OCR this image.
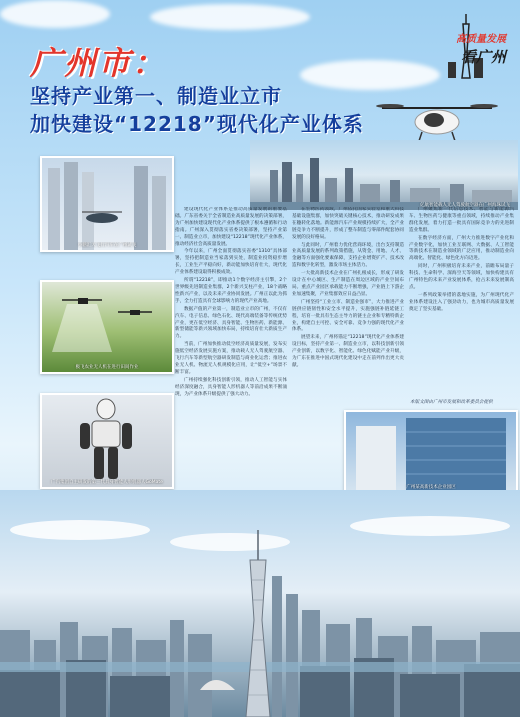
广州市：
坚持产业第一、制造业立市
加快建设“12218”现代化产业体系
高质量发展
看广州
亿航智能载人无人驾驶航空器在广州海珠试飞
小鹏汇天飞行汽车在广州试飞
极飞农业无人机在进行田间作业
广汽集团自主研发的第三代具身智能人形机器人GoMate
广州某高新技术企业园区

建设现代化产业体系是推动高质量发展的重要基础。广东省委关于全省制造业高质量发展的决策部署，为广州加快建设现代化产业体系提供了根本遵循和行动指南。广州深入贯彻落实省委决策部署，坚持产业第一、制造业立市，加快建设“12218”现代化产业体系，推动经济社会高质量发展。

今年以来，广州全面贯彻落实省委“1310”具体部署，坚持把制造业当家落到实处，制造业投资稳步增长，工业生产平稳向好，新动能加快培育壮大，现代化产业体系建设取得积极成效。

所谓“12218”，即推动1个数字经济主引擎，2个世界级先进制造业集群，2个新兴支柱产业，18个战略性新兴产业，以及未来产业协同发展。广州正以此为抓手，全力打造具有全球影响力的现代产业高地。

数据产值的产业第一，制造业立市的广州，不仅有汽车、电子信息、绿色石化、现代高端装备等传统优势产业，更在低空经济、具身智能、生物医药、新能源、新型储能等新兴领域加快布局，持续培育壮大新质生产力。

当前，广州加快推动低空经济高质量发展，发布实施低空经济发展实施方案，推动载人无人驾驶航空器、飞行汽车等新型航空器研发制造与商业化运营；推进农业无人机、物流无人机规模化应用，让“低空+”场景不断丰富。

广州持续强化科技创新引领，推动人工智能与实体经济深度融合，具身智能人形机器人等前沿成果不断涌现，为产业体系升级提供了强大动力。

在生物医药领域，广州依托国家实验室和重大科技基础设施集群，加快突破关键核心技术，推动研发成果在穗转化落地。新能源汽车产业规模持续扩大，全产业链竞争力不断提升，形成了整车制造与零部件配套协同发展的良好格局。

与此同时，广州着力优化营商环境，出台支持制造业高质量发展的系列政策措施，从资金、用地、人才、金融等方面强化要素保障，支持企业增资扩产、技术改造和数字化转型，激发市场主体活力。

一大批高新技术企业在广州扎根成长，形成了研发设计在中心城区、生产制造在周边区域的产业空间布局。重点产业园区承载能力不断增强，产业链上下游企业加速集聚，产业集群效应日益凸显。

广州坚持“工业立市、制造业强市”，大力推进产业链供应链韧性和安全水平提升，实施强链补链延链工程，培育一批具有生态主导力的链主企业和专精特新企业，构建自主可控、安全可靠、竞争力强的现代化产业体系。

展望未来，广州将锚定“12218”现代化产业体系建设目标，坚持产业第一、制造业立市，以科技创新引领产业创新，以数字化、智能化、绿色化赋能产业升级，为广东在推进中国式现代化建设中走在前列作出更大贡献。

广州聚焦新一代信息技术、智能与新能源汽车、生物医药与健康等重点领域，持续推动产业集群化发展，着力打造一批具有国际竞争力的先进制造业集群。

在数字经济方面，广州大力推进数字产业化和产业数字化，加快工业互联网、大数据、人工智能等新技术在制造业领域的广泛应用，推动制造业向高端化、智能化、绿色化方向迈进。

同时，广州积极培育未来产业，前瞻布局量子科技、生命科学、深海空天等领域，加快构建具有广州特色的未来产业发展体系，抢占未来发展制高点。

一系列政策举措的落地实施，为广州现代化产业体系建设注入了强劲动力，也为城市高质量发展奠定了坚实基础。

本版文图由广州市发展和改革委员会提供
